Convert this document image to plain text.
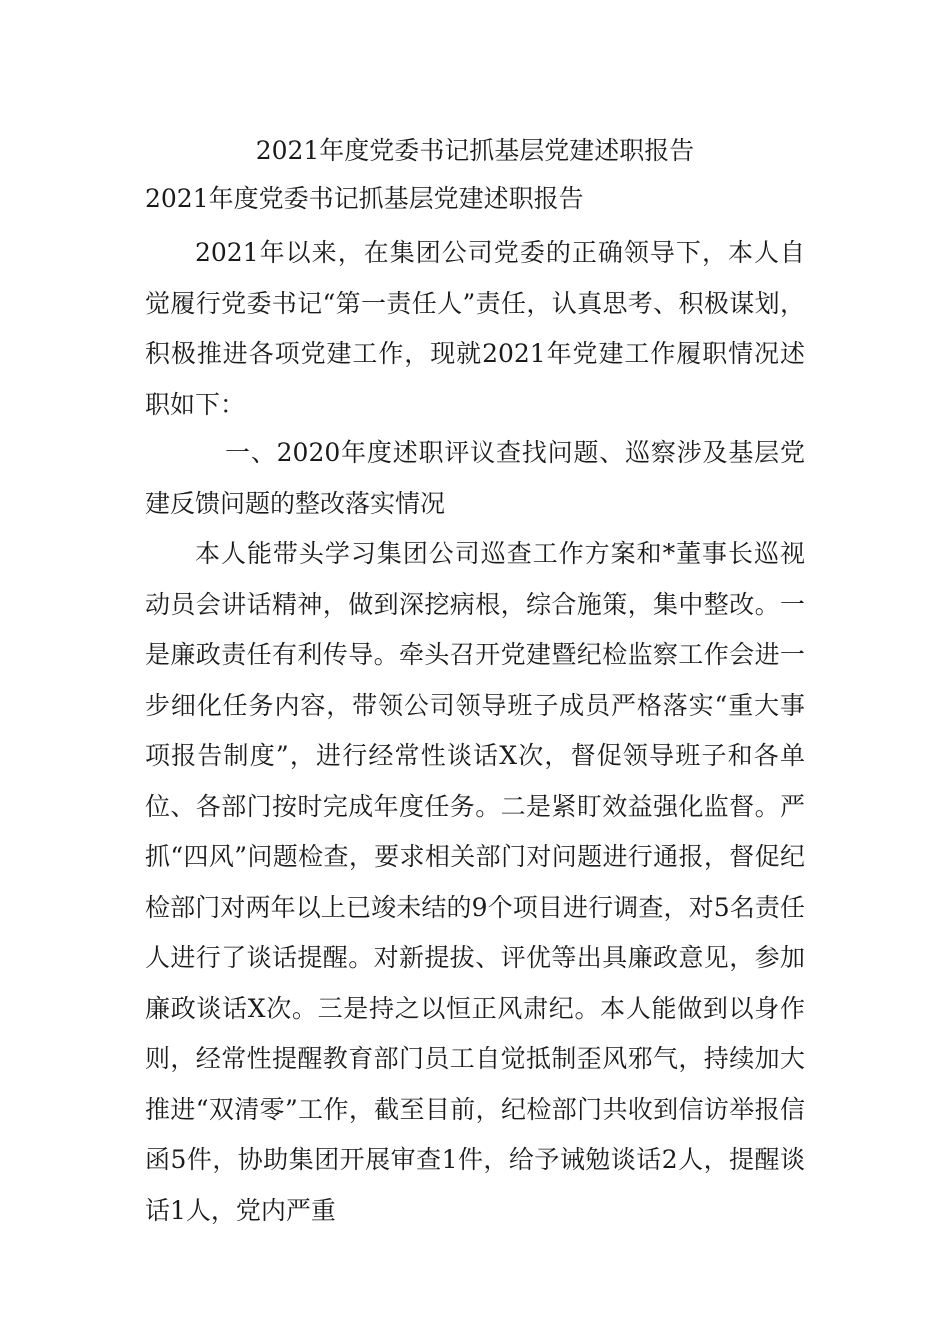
2021年度党委书记抓基层党建述职报告
2021年度党委书记抓基层党建述职报告

2021年以来，在集团公司党委的正确领导下，本人自觉履行党委书记“第一责任人”责任，认真思考、积极谋划，积极推进各项党建工作，现就2021年党建工作履职情况述职如下：

一、2020年度述职评议查找问题、巡察涉及基层党建反馈问题的整改落实情况

本人能带头学习集团公司巡查工作方案和*董事长巡视动员会讲话精神，做到深挖病根，综合施策，集中整改。一是廉政责任有利传导。牵头召开党建暨纪检监察工作会进一步细化任务内容，带领公司领导班子成员严格落实“重大事项报告制度”，进行经常性谈话X次，督促领导班子和各单位、各部门按时完成年度任务。二是紧盯效益强化监督。严抓“四风”问题检查，要求相关部门对问题进行通报，督促纪检部门对两年以上已竣未结的9个项目进行调查，对5名责任人进行了谈话提醒。对新提拔、评优等出具廉政意见，参加廉政谈话X次。三是持之以恒正风肃纪。本人能做到以身作则，经常性提醒教育部门员工自觉抵制歪风邪气，持续加大推进“双清零”工作，截至目前，纪检部门共收到信访举报信函5件，协助集团开展审查1件，给予诫勉谈话2人，提醒谈话1人，党内严重
